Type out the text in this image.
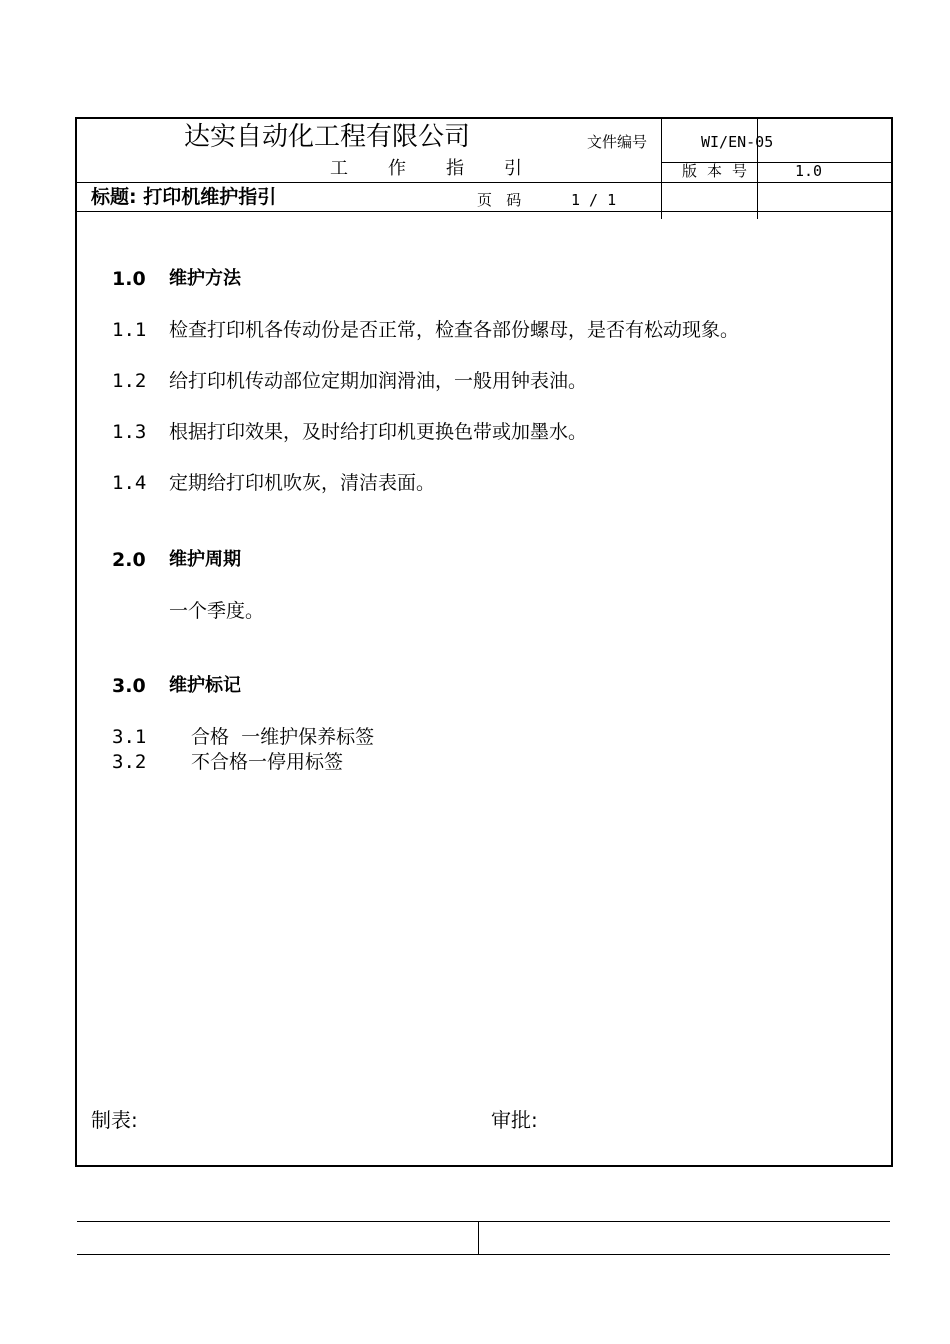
达实自动化工程有限公司	文件编号	WI/EN-05
工作指引	版本号	1.0
标题: 打印机维护指引	页   码	1 / 1
1.0 维护方法
1.1 检查打印机各传动份是否正常，检查各部份螺母，是否有松动现象。
1.2 给打印机传动部位定期加润滑油，一般用钟表油。
1.3 根据打印效果，及时给打印机更换色带或加墨水。
1.4 定期给打印机吹灰，清洁表面。
2.0 维护周期
一个季度。
3.0 维护标记
3.1 合格  一维护保养标签
3.2 不合格一停用标签
制表:	审批:
